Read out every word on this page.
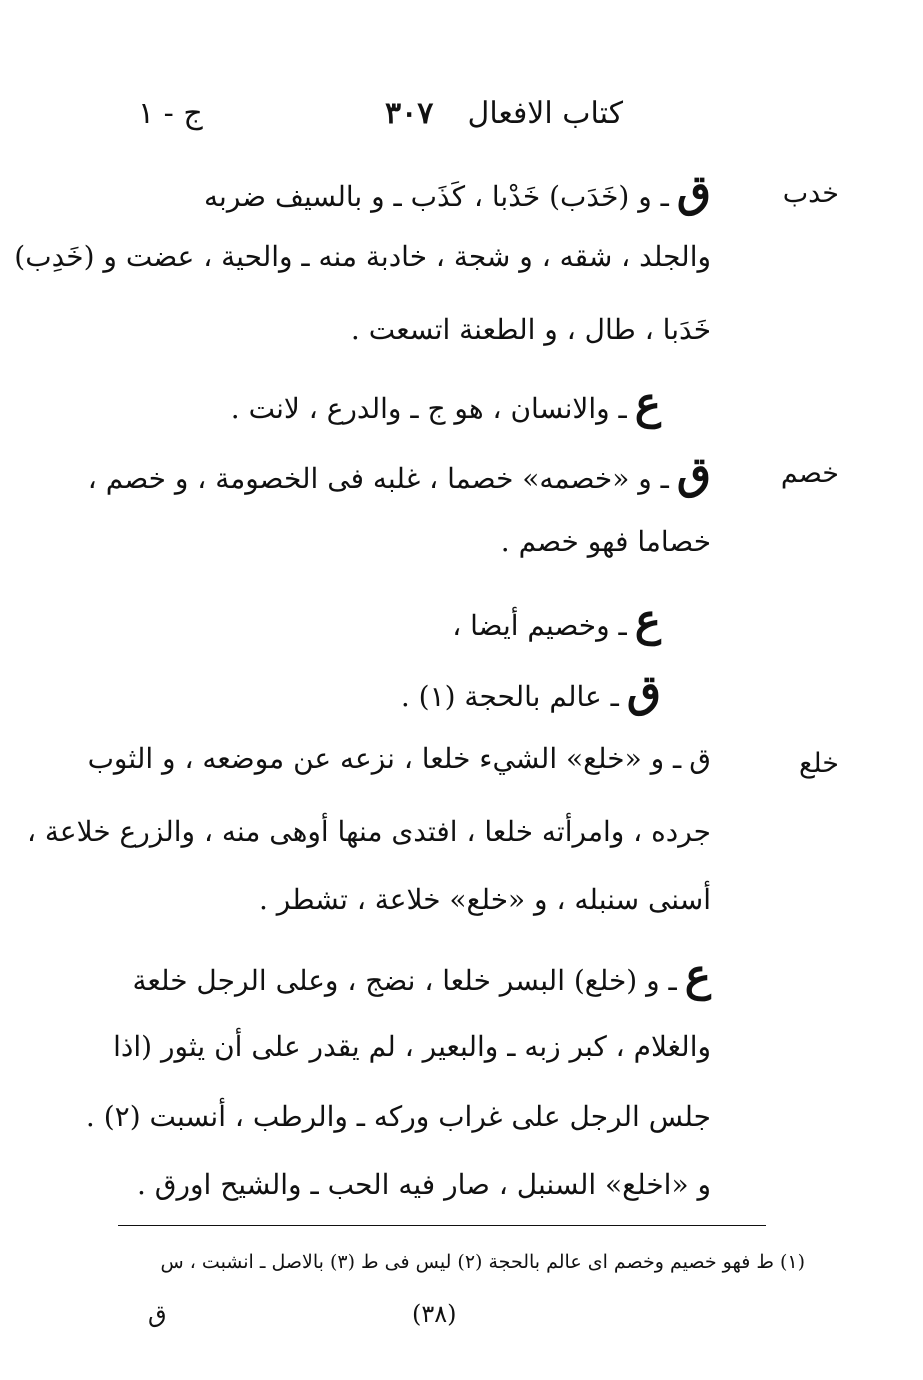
كتاب الافعال
٣٠٧
ج - ١
خدب
ق
ـ و (خَدَب) خَدْبا ، كَذَب ـ و بالسيف ضربه
والجلد ، شقه ، و شجة ، خادبة منه ـ والحية ، عضت و (خَدِب)
خَدَبا ، طال ، و الطعنة اتسعت .
ع
ـ والانسان ، هو ج ـ والدرع ، لانت .
خصم
ق
ـ و «خصمه» خصما ، غلبه فى الخصومة ، و خصم ،
خصاما فهو خصم .
ع
ـ وخصيم أيضا ،
ق
ـ عالم بالحجة (١) .
خلع
ق
ـ و «خلع» الشيء خلعا ، نزعه عن موضعه ، و الثوب
جرده ، وامرأته خلعا ، افتدى منها أوهى منه ، والزرع خلاعة ،
أسنى سنبله ، و «خلع» خلاعة ، تشطر .
ع
ـ و (خلع) البسر خلعا ، نضج ، وعلى الرجل خلعة
والغلام ، كبر زبه ـ والبعير ، لم يقدر على أن يثور (اذا
جلس الرجل على غراب وركه ـ والرطب ، أنسبت (٢) .
و «اخلع» السنبل ، صار فيه الحب ـ والشيح اورق .
(١) ط فهو خصيم وخصم اى عالم بالحجة (٢) ليس فى ط (٣) بالاصل ـ انشبت ، س
(٣٨)
ق
